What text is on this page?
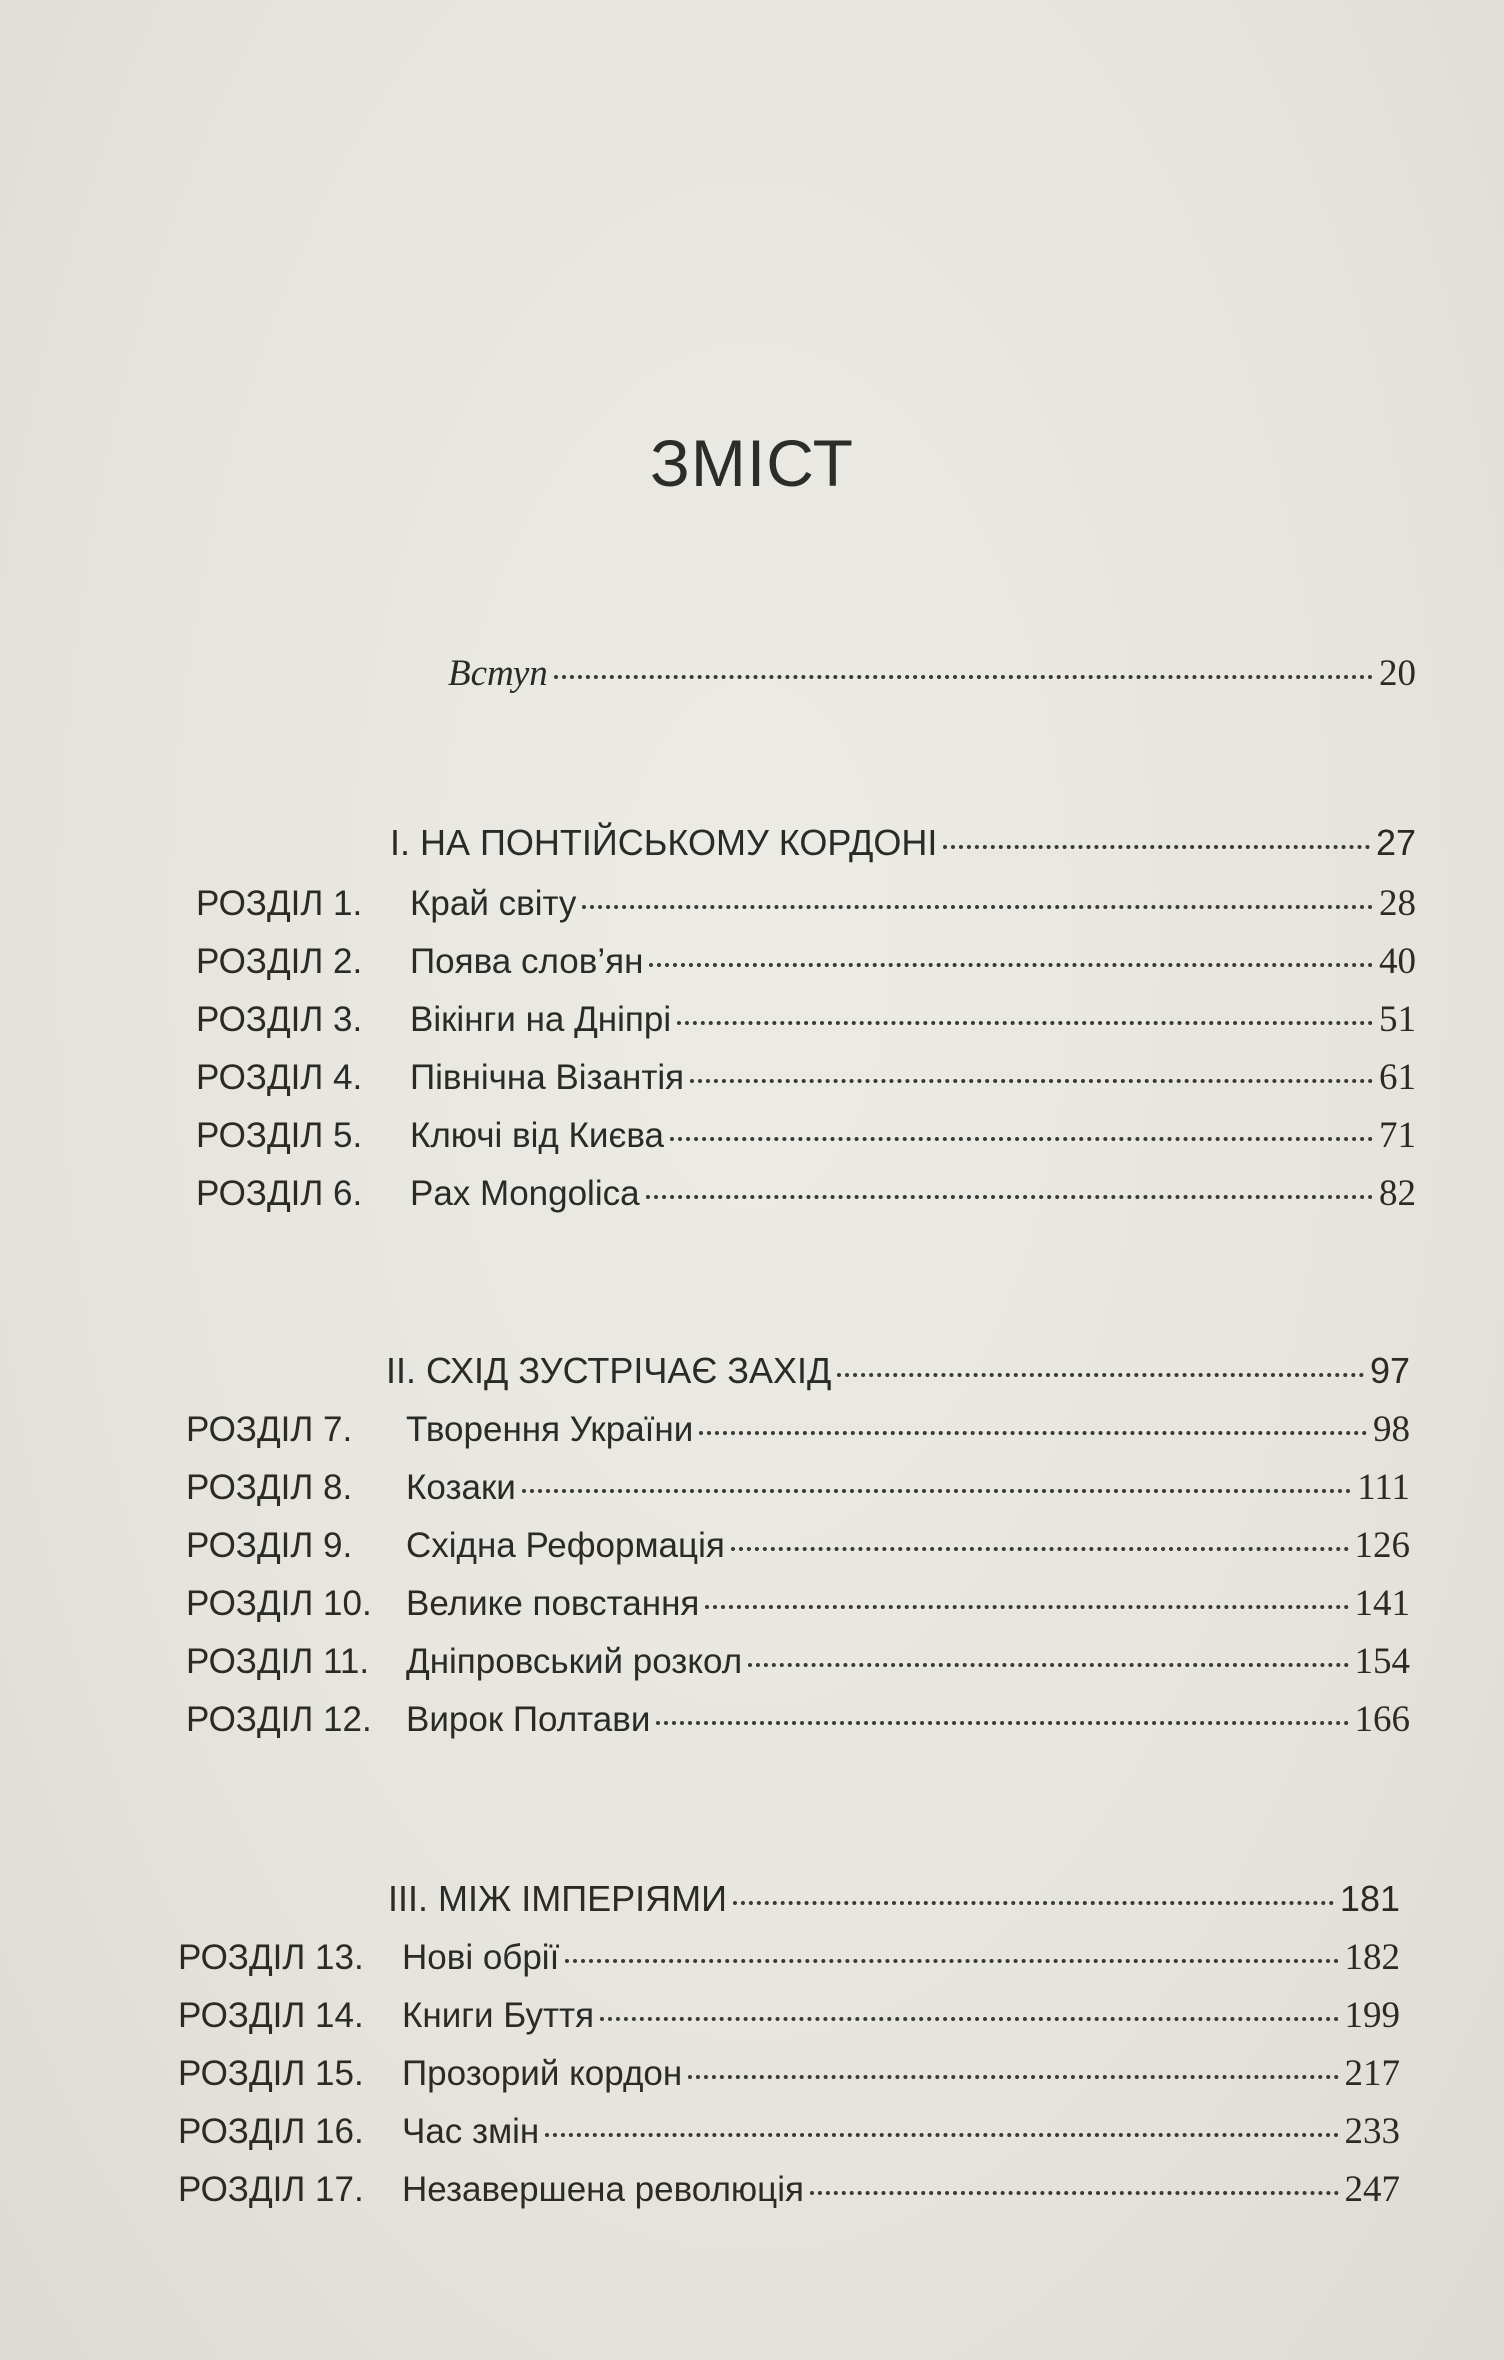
ЗМІСТ
Вступ	20
I. НА ПОНТІЙСЬКОМУ КОРДОНІ	27
РОЗДІЛ 1.	Край світу	28
РОЗДІЛ 2.	Поява слов’ян	40
РОЗДІЛ 3.	Вікінги на Дніпрі	51
РОЗДІЛ 4.	Північна Візантія	61
РОЗДІЛ 5.	Ключі від Києва	71
РОЗДІЛ 6.	Pax Mongolica	82
II. СХІД ЗУСТРІЧАЄ ЗАХІД	97
РОЗДІЛ 7.	Творення України	98
РОЗДІЛ 8.	Козаки	111
РОЗДІЛ 9.	Східна Реформація	126
РОЗДІЛ 10. Велике повстання	141
РОЗДІЛ 11.	Дніпровський розкол	154
РОЗДІЛ 12. Вирок Полтави	166
III. МІЖ ІМПЕРІЯМИ	181
РОЗДІЛ 13.	Нові обрії	182
РОЗДІЛ 14.	Книги Буття	199
РОЗДІЛ 15.	Прозорий кордон	217
РОЗДІЛ 16.	Час змін	233
РОЗДІЛ 17.	Незавершена революція	247
